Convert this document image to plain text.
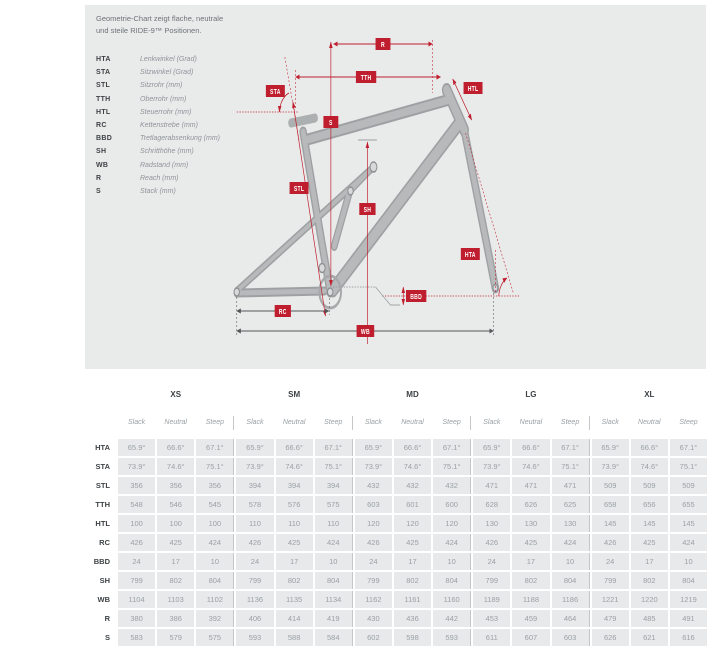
Geometrie-Chart zeigt flache, neutrale
und steile RIDE-9™ Positionen.
HTA	Lenkwinkel (Grad)
STA	Sitzwinkel (Grad)
STL	Sitzrohr (mm)
TTH	Oberrohr (mm)
HTL	Steuerrohr (mm)
RC	Kettenstrebe (mm)
BBD	Tretlagerabsenkung (mm)
SH	Schritthöhe (mm)
WB	Radstand (mm)
R	Reach (mm)
S	Stack (mm)
R
TTH
STA	HTL
S
STL
SH
HTA
BBD
RC
WB
XS	SM	MD	LG	XL
Slack	Neutral	Steep	Slack	Neutral	Steep	Slack	Neutral	Steep	Slack	Neutral	Steep	Slack	Neutral	Steep
HTA	65.9°	66.6°	67.1°	65.9°	66.6°	67.1°	65.9°	66.6°	67.1°	65.9°	66.6°	67.1°	65.9°	66.6°	67.1°
STA	73.9°	74.6°	75.1°	73.9°	74.6°	75.1°	73.9°	74.6°	75.1°	73.9°	74.6°	75.1°	73.9°	74.6°	75.1°
STL	356	356	356	394	394	394	432	432	432	471	471	471	509	509	509
TTH	548	546	545	578	576	575	603	601	600	628	626	625	658	656	655
HTL	100	100	100	110	110	110	120	120	120	130	130	130	145	145	145
RC	426	425	424	426	425	424	426	425	424	426	425	424	426	425	424
BBD	24	17	10	24	17	10	24	17	10	24	17	10	24	17	10
SH	799	802	804	799	802	804	799	802	804	799	802	804	799	802	804
WB	1104	1103	1102	1136	1135	1134	1162	1161	1160	1189	1188	1186	1221	1220	1219
R	380	386	392	406	414	419	430	436	442	453	459	464	479	485	491
S	583	579	575	593	588	584	602	598	593	611	607	603	626	621	616
